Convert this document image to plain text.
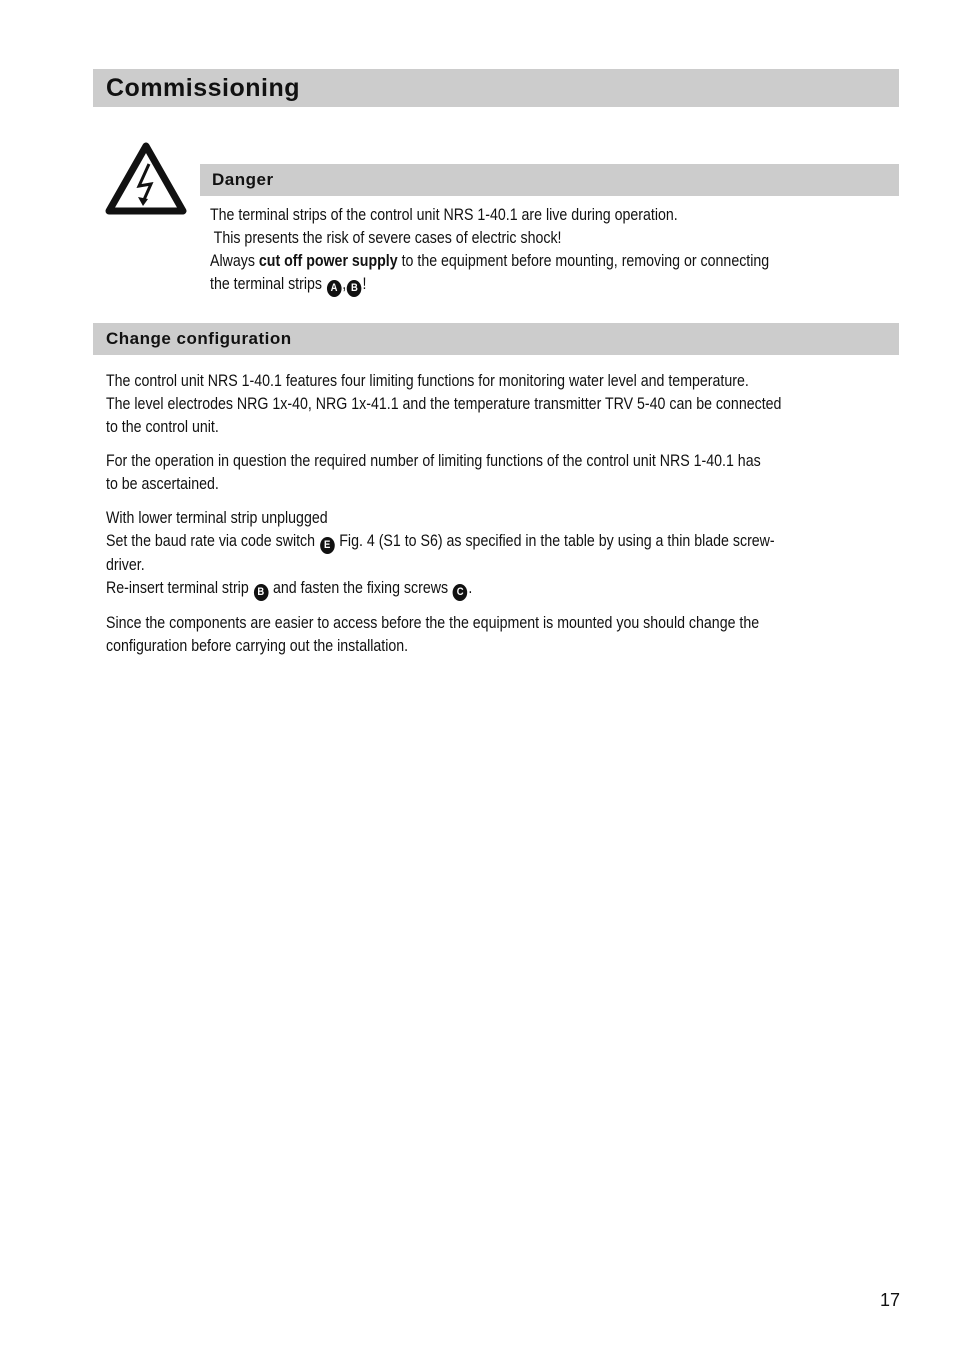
Commissioning
Danger

The terminal strips of the control unit NRS 1-40.1 are live during operation.

This presents the risk of severe cases of electric shock!

Always cut off power supply to the equipment before mounting, removing or connecting

the terminal strips A , B !

Change configuration

The control unit NRS 1-40.1 features four limiting functions for monitoring water level and temperature.

The level electrodes NRG 1x-40, NRG 1x-41.1 and the temperature transmitter TRV 5-40 can be connected

to the control unit.

For the operation in question the required number of limiting functions of the control unit NRS 1-40.1 has

to be ascertained.

With lower terminal strip unplugged

Set the baud rate via code switch E Fig. 4 (S1 to S6) as specified in the table by using a thin blade screw-

driver.

Re-insert terminal strip B and fasten the fixing screws C .

Since the components are easier to access before the the equipment is mounted you should change the

configuration before carrying out the installation.

17
